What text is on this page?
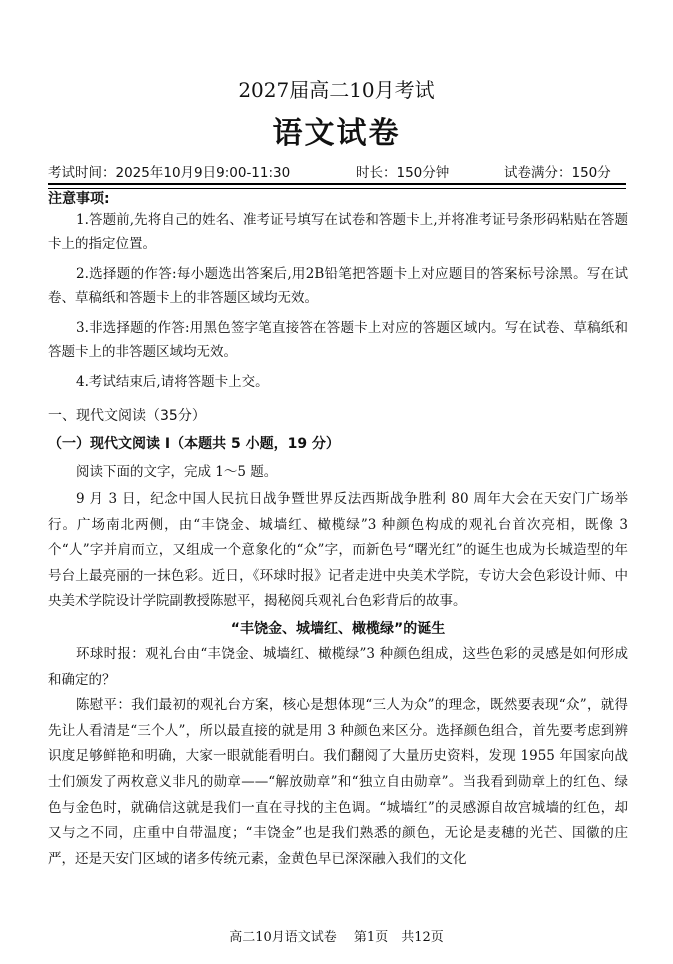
2027届高二10月考试
语文试卷
考试时间：2025年10月9日9:00-11:30	时长：150分钟	试卷满分：150分
注意事项:

1.答题前,先将自己的姓名、准考证号填写在试卷和答题卡上,并将准考证号条形码粘贴在答题卡上的指定位置。

2.选择题的作答:每小题选出答案后,用2B铅笔把答题卡上对应题目的答案标号涂黑。写在试卷、草稿纸和答题卡上的非答题区域均无效。

3.非选择题的作答:用黑色签字笔直接答在答题卡上对应的答题区域内。写在试卷、草稿纸和答题卡上的非答题区域均无效。

4.考试结束后,请将答题卡上交。

一、现代文阅读（35分）
（一）现代文阅读 I（本题共 5 小题，19 分）
阅读下面的文字，完成 1～5 题。

9 月 3 日，纪念中国人民抗日战争暨世界反法西斯战争胜利 80 周年大会在天安门广场举行。广场南北两侧，由“丰饶金、城墙红、橄榄绿”3 种颜色构成的观礼台首次亮相，既像 3 个“人”字并肩而立，又组成一个意象化的“众”字，而新色号“曙光红”的诞生也成为长城造型的年号台上最亮丽的一抹色彩。近日，《环球时报》记者走进中央美术学院，专访大会色彩设计师、中央美术学院设计学院副教授陈慰平，揭秘阅兵观礼台色彩背后的故事。

“丰饶金、城墙红、橄榄绿”的诞生

环球时报：观礼台由“丰饶金、城墙红、橄榄绿”3 种颜色组成，这些色彩的灵感是如何形成和确定的？

陈慰平：我们最初的观礼台方案，核心是想体现“三人为众”的理念，既然要表现“众”，就得先让人看清是“三个人”，所以最直接的就是用 3 种颜色来区分。选择颜色组合，首先要考虑到辨识度足够鲜艳和明确，大家一眼就能看明白。我们翻阅了大量历史资料，发现 1955 年国家向战士们颁发了两枚意义非凡的勋章——“解放勋章”和“独立自由勋章”。当我看到勋章上的红色、绿色与金色时，就确信这就是我们一直在寻找的主色调。“城墙红”的灵感源自故宫城墙的红色，却又与之不同，庄重中自带温度；“丰饶金”也是我们熟悉的颜色，无论是麦穗的光芒、国徽的庄严，还是天安门区域的诸多传统元素，金黄色早已深深融入我们的文化

高二10月语文试卷　 第1页　共12页
